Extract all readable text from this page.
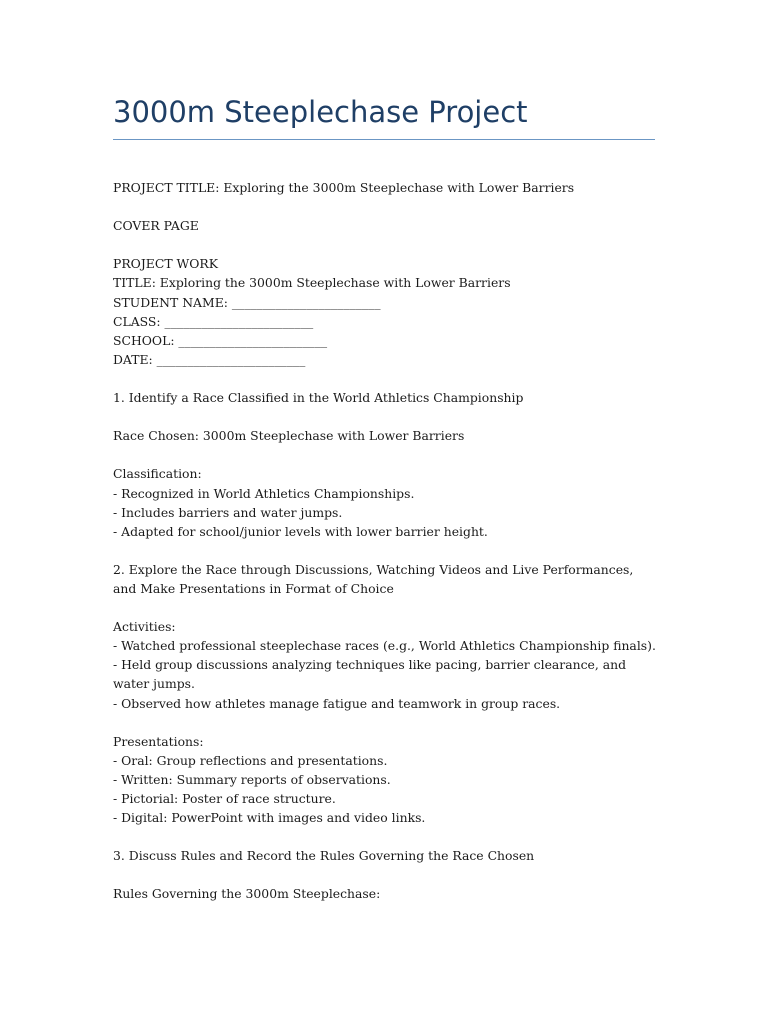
3000m Steeplechase Project
PROJECT TITLE: Exploring the 3000m Steeplechase with Lower Barriers
COVER PAGE
PROJECT WORK
TITLE: Exploring the 3000m Steeplechase with Lower Barriers
STUDENT NAME: ________________________
CLASS: ________________________
SCHOOL: ________________________
DATE: ________________________
1. Identify a Race Classified in the World Athletics Championship
Race Chosen: 3000m Steeplechase with Lower Barriers
Classification:
- Recognized in World Athletics Championships.
- Includes barriers and water jumps.
- Adapted for school/junior levels with lower barrier height.
2. Explore the Race through Discussions, Watching Videos and Live Performances, and Make Presentations in Format of Choice
Activities:
- Watched professional steeplechase races (e.g., World Athletics Championship finals).
- Held group discussions analyzing techniques like pacing, barrier clearance, and water jumps.
- Observed how athletes manage fatigue and teamwork in group races.
Presentations:
- Oral: Group reflections and presentations.
- Written: Summary reports of observations.
- Pictorial: Poster of race structure.
- Digital: PowerPoint with images and video links.
3. Discuss Rules and Record the Rules Governing the Race Chosen
Rules Governing the 3000m Steeplechase:
